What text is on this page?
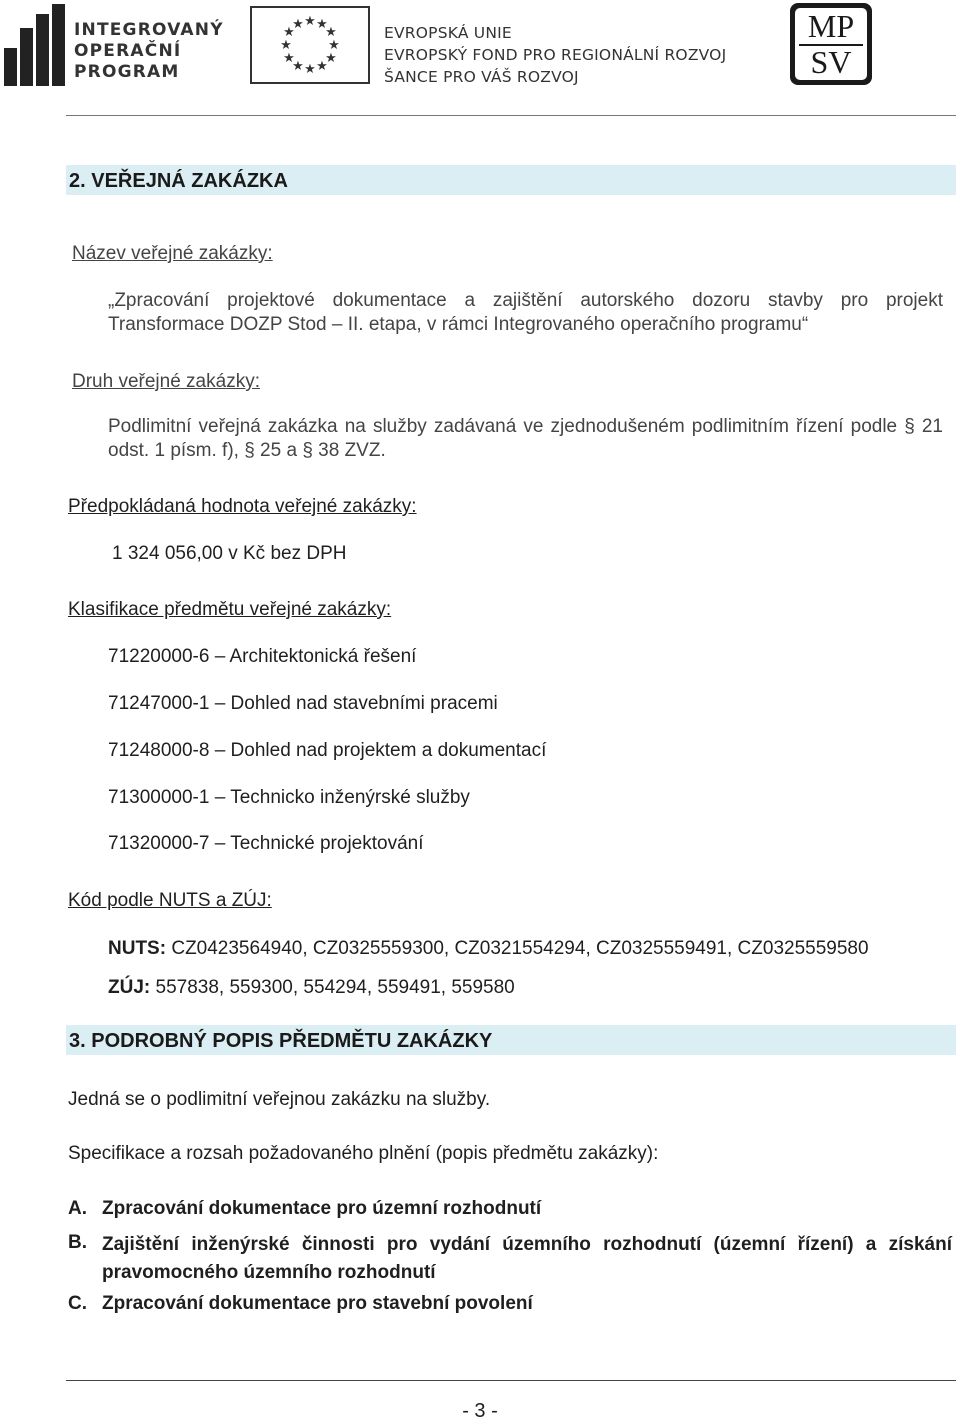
INTEGROVANÝ
OPERAČNÍ
PROGRAM
★ ★
★
★
★
★
★
★
★
★
★
★	EVROPSKÁ UNIE
EVROPSKÝ FOND PRO REGIONÁLNÍ ROZVOJ
ŠANCE PRO VÁŠ ROZVOJ
MP
SV
2. VEŘEJNÁ ZAKÁZKA
Název veřejné zakázky:
„Zpracování projektové dokumentace a zajištění autorského dozoru stavby pro projekt Transformace DOZP Stod – II. etapa, v rámci Integrovaného operačního programu“
Druh veřejné zakázky:
Podlimitní veřejná zakázka na služby zadávaná ve zjednodušeném podlimitním řízení podle § 21 odst. 1 písm. f), § 25 a § 38 ZVZ.
Předpokládaná hodnota veřejné zakázky:
1 324 056,00 v Kč bez DPH
Klasifikace předmětu veřejné zakázky:
71220000-6 – Architektonická řešení
71247000-1 – Dohled nad stavebními pracemi
71248000-8 – Dohled nad projektem a dokumentací
71300000-1 – Technicko inženýrské služby
71320000-7 – Technické projektování
Kód podle NUTS a ZÚJ:
NUTS: CZ0423564940, CZ0325559300, CZ0321554294, CZ0325559491, CZ0325559580
ZÚJ: 557838, 559300, 554294, 559491, 559580
3. PODROBNÝ POPIS PŘEDMĚTU ZAKÁZKY
Jedná se o podlimitní veřejnou zakázku na služby.
Specifikace a rozsah požadovaného plnění (popis předmětu zakázky):
A. Zpracování dokumentace pro územní rozhodnutí
B. Zajištění inženýrské činnosti pro vydání územního rozhodnutí (územní řízení) a získání pravomocného územního rozhodnutí
C. Zpracování dokumentace pro stavební povolení
- 3 -
